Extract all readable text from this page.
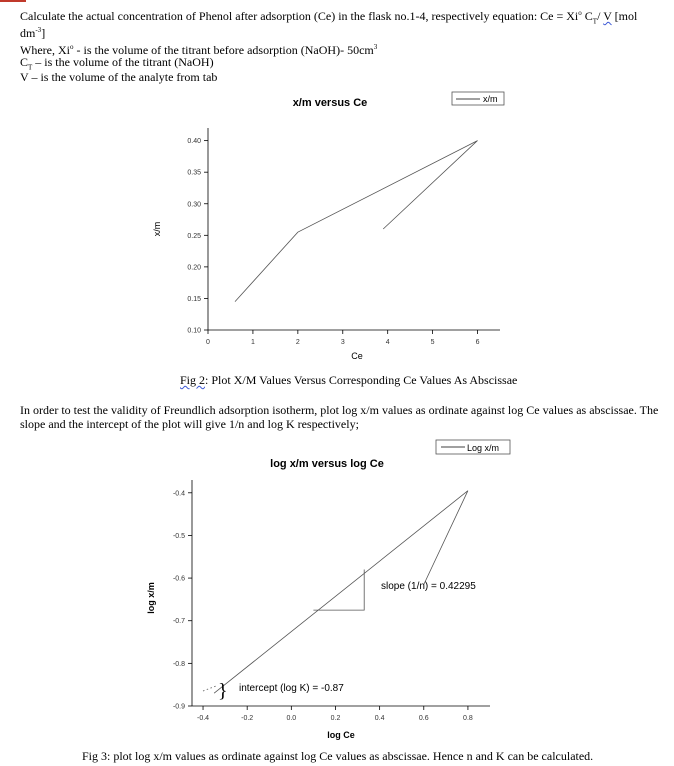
Calculate the actual concentration of Phenol after adsorption (Ce) in the flask no.1-4, respectively equation: $Ce = Xi^o$ $C_T/$ V [mol
$dm^{-3}$]
Where, Xi$^o$ - is the volume of the titrant before adsorption (NaOH)- $50cm^3$
$C_T$ – is the volume of the titrant (NaOH)
V – is the volume of the analyte from tab
x/m versus Ce	x/m
0.10
0.15
0.20
0.25
0.30
0.35
0.40
0	1	2	3	4	5	6
Ce
x/m
Fig 2: Plot X/M Values Versus Corresponding Ce Values As Abscissae
In order to test the validity of Freundlich adsorption isotherm, plot log x/m values as ordinate against log Ce values as abscissae. The slope and the intercept of the plot will give 1/n and log K respectively;
log x/m versus log Ce
Log x/m
-0.4
-0.5
-0.6
-0.7
-0.8
-0.9
-0.4	-0.2	0.0	0.2	0.4	0.6	0.8
}
slope (1/n) = 0.42295
intercept (log K) = -0.87
log Ce
log x/m
Fig 3: plot log x/m values as ordinate against log Ce values as abscissae. Hence n and K can be calculated.
